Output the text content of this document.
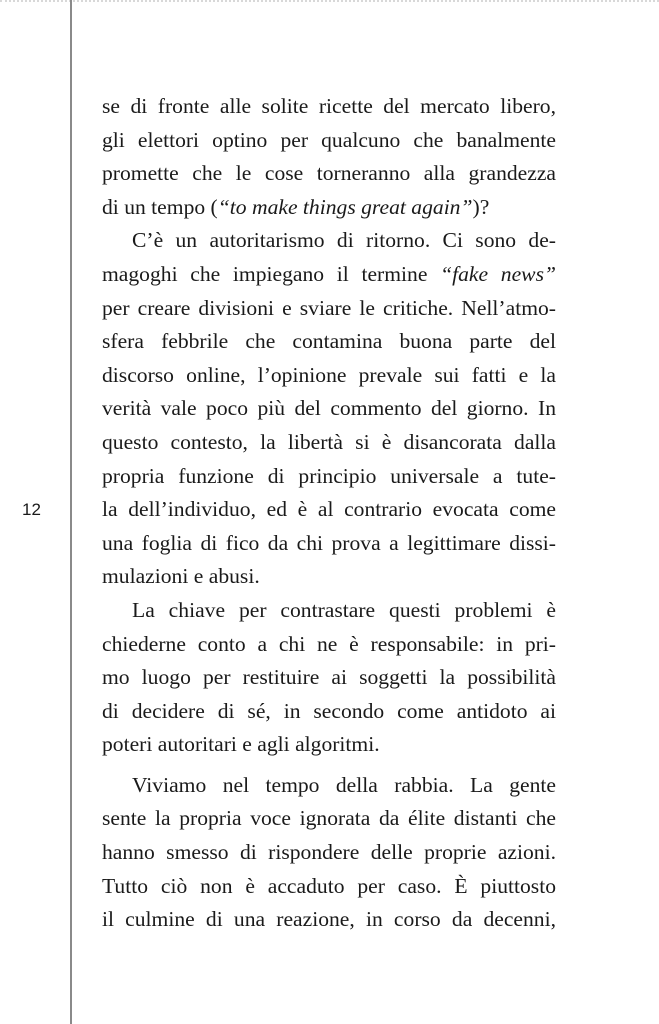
12
se di fronte alle solite ricette del mercato libero,
gli elettori optino per qualcuno che banalmente
promette che le cose torneranno alla grandezza
di un tempo (“to make things great again”)?
C’è un autoritarismo di ritorno. Ci sono de-
magoghi che impiegano il termine “fake news”
per creare divisioni e sviare le critiche. Nell’atmo-
sfera febbrile che contamina buona parte del
discorso online, l’opinione prevale sui fatti e la
verità vale poco più del commento del giorno. In
questo contesto, la libertà si è disancorata dalla
propria funzione di principio universale a tute-
la dell’individuo, ed è al contrario evocata come
una foglia di fico da chi prova a legittimare dissi-
mulazioni e abusi.
La chiave per contrastare questi problemi è
chiederne conto a chi ne è responsabile: in pri-
mo luogo per restituire ai soggetti la possibilità
di decidere di sé, in secondo come antidoto ai
poteri autoritari e agli algoritmi.
Viviamo nel tempo della rabbia. La gente
sente la propria voce ignorata da élite distanti che
hanno smesso di rispondere delle proprie azioni.
Tutto ciò non è accaduto per caso. È piuttosto
il culmine di una reazione, in corso da decenni,
